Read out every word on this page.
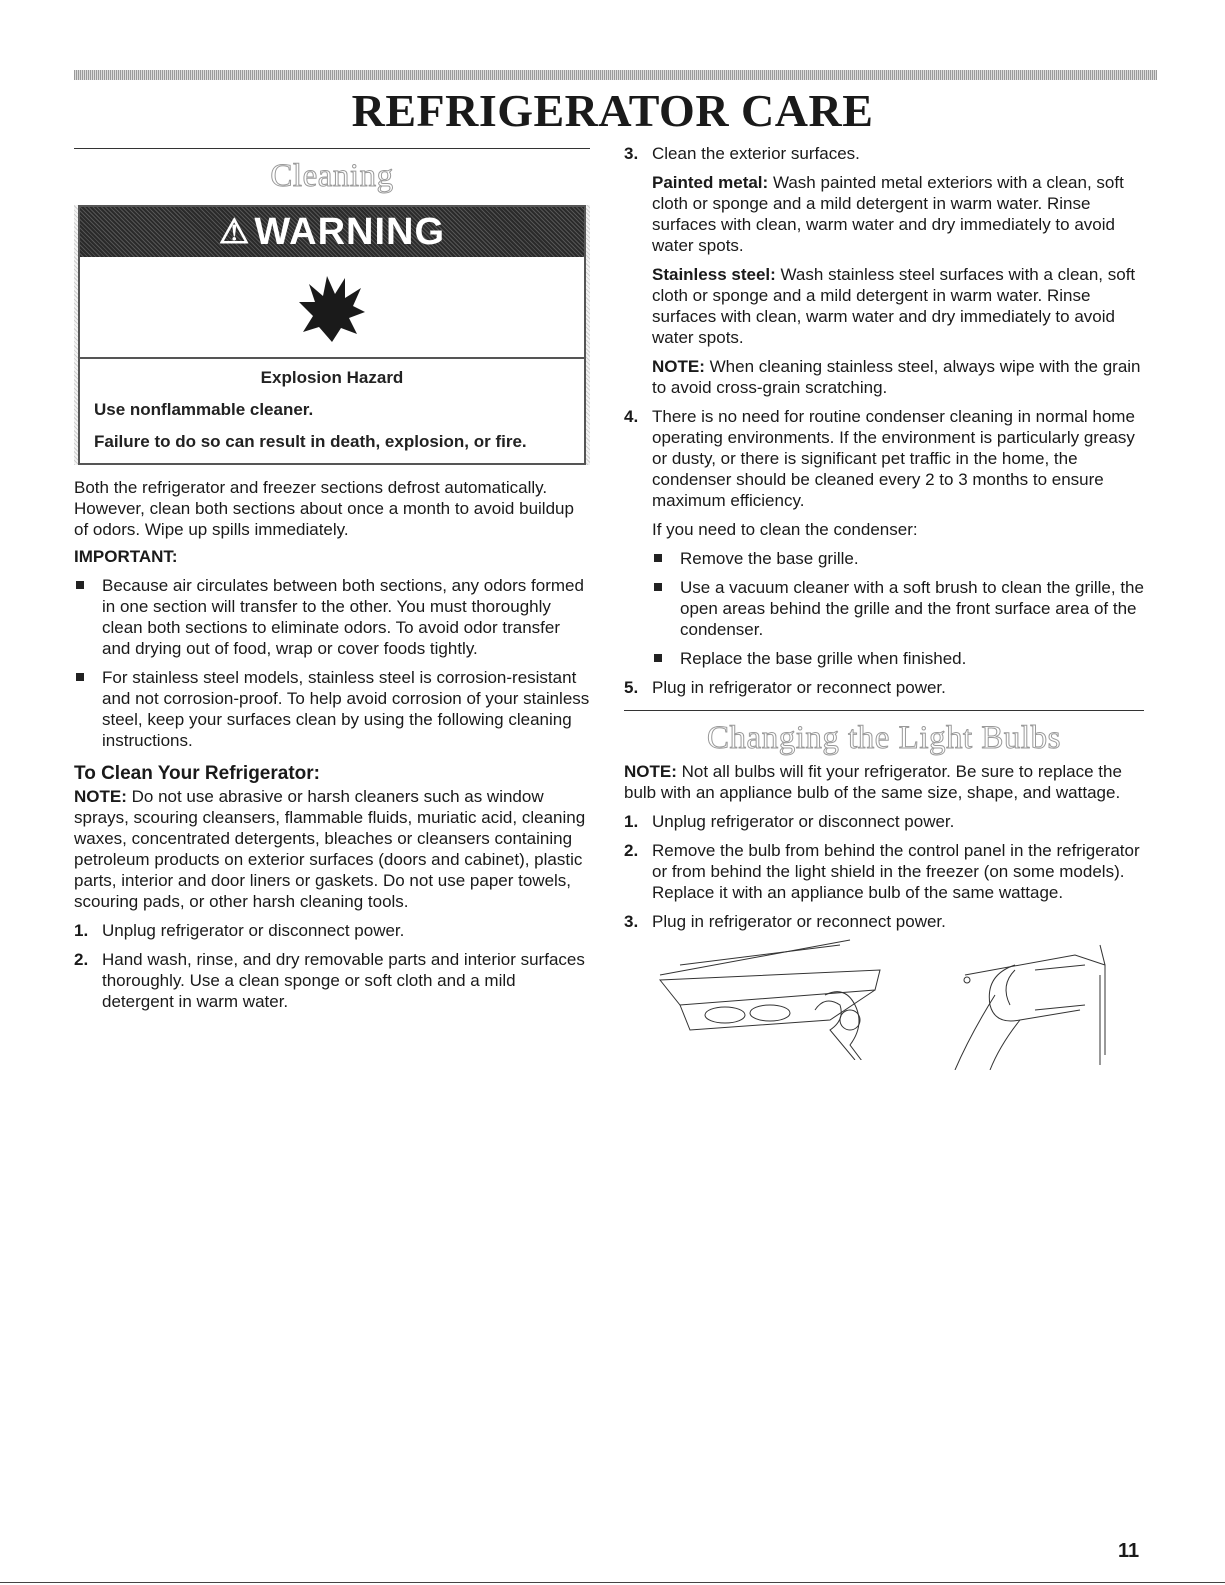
REFRIGERATOR CARE
Cleaning
⚠ WARNING

Explosion Hazard

Use nonflammable cleaner.

Failure to do so can result in death, explosion, or fire.

Both the refrigerator and freezer sections defrost automatically. However, clean both sections about once a month to avoid buildup of odors. Wipe up spills immediately.

IMPORTANT:
Because air circulates between both sections, any odors formed in one section will transfer to the other. You must thoroughly clean both sections to eliminate odors. To avoid odor transfer and drying out of food, wrap or cover foods tightly.
For stainless steel models, stainless steel is corrosion-resistant and not corrosion-proof. To help avoid corrosion of your stainless steel, keep your surfaces clean by using the following cleaning instructions.
To Clean Your Refrigerator:

NOTE: Do not use abrasive or harsh cleaners such as window sprays, scouring cleansers, flammable fluids, muriatic acid, cleaning waxes, concentrated detergents, bleaches or cleansers containing petroleum products on exterior surfaces (doors and cabinet), plastic parts, interior and door liners or gaskets. Do not use paper towels, scouring pads, or other harsh cleaning tools.

1. Unplug refrigerator or disconnect power.
2. Hand wash, rinse, and dry removable parts and interior surfaces thoroughly. Use a clean sponge or soft cloth and a mild detergent in warm water.
3. Clean the exterior surfaces.

Painted metal: Wash painted metal exteriors with a clean, soft cloth or sponge and a mild detergent in warm water. Rinse surfaces with clean, warm water and dry immediately to avoid water spots.

Stainless steel: Wash stainless steel surfaces with a clean, soft cloth or sponge and a mild detergent in warm water. Rinse surfaces with clean, warm water and dry immediately to avoid water spots.

NOTE: When cleaning stainless steel, always wipe with the grain to avoid cross-grain scratching.

4. There is no need for routine condenser cleaning in normal home operating environments. If the environment is particularly greasy or dusty, or there is significant pet traffic in the home, the condenser should be cleaned every 2 to 3 months to ensure maximum efficiency.

If you need to clean the condenser:

Remove the base grille.
Use a vacuum cleaner with a soft brush to clean the grille, the open areas behind the grille and the front surface area of the condenser.
Replace the base grille when finished.
5. Plug in refrigerator or reconnect power.
Changing the Light Bulbs

NOTE: Not all bulbs will fit your refrigerator. Be sure to replace the bulb with an appliance bulb of the same size, shape, and wattage.

1. Unplug refrigerator or disconnect power.
2. Remove the bulb from behind the control panel in the refrigerator or from behind the light shield in the freezer (on some models). Replace it with an appliance bulb of the same wattage.
3. Plug in refrigerator or reconnect power.
11
